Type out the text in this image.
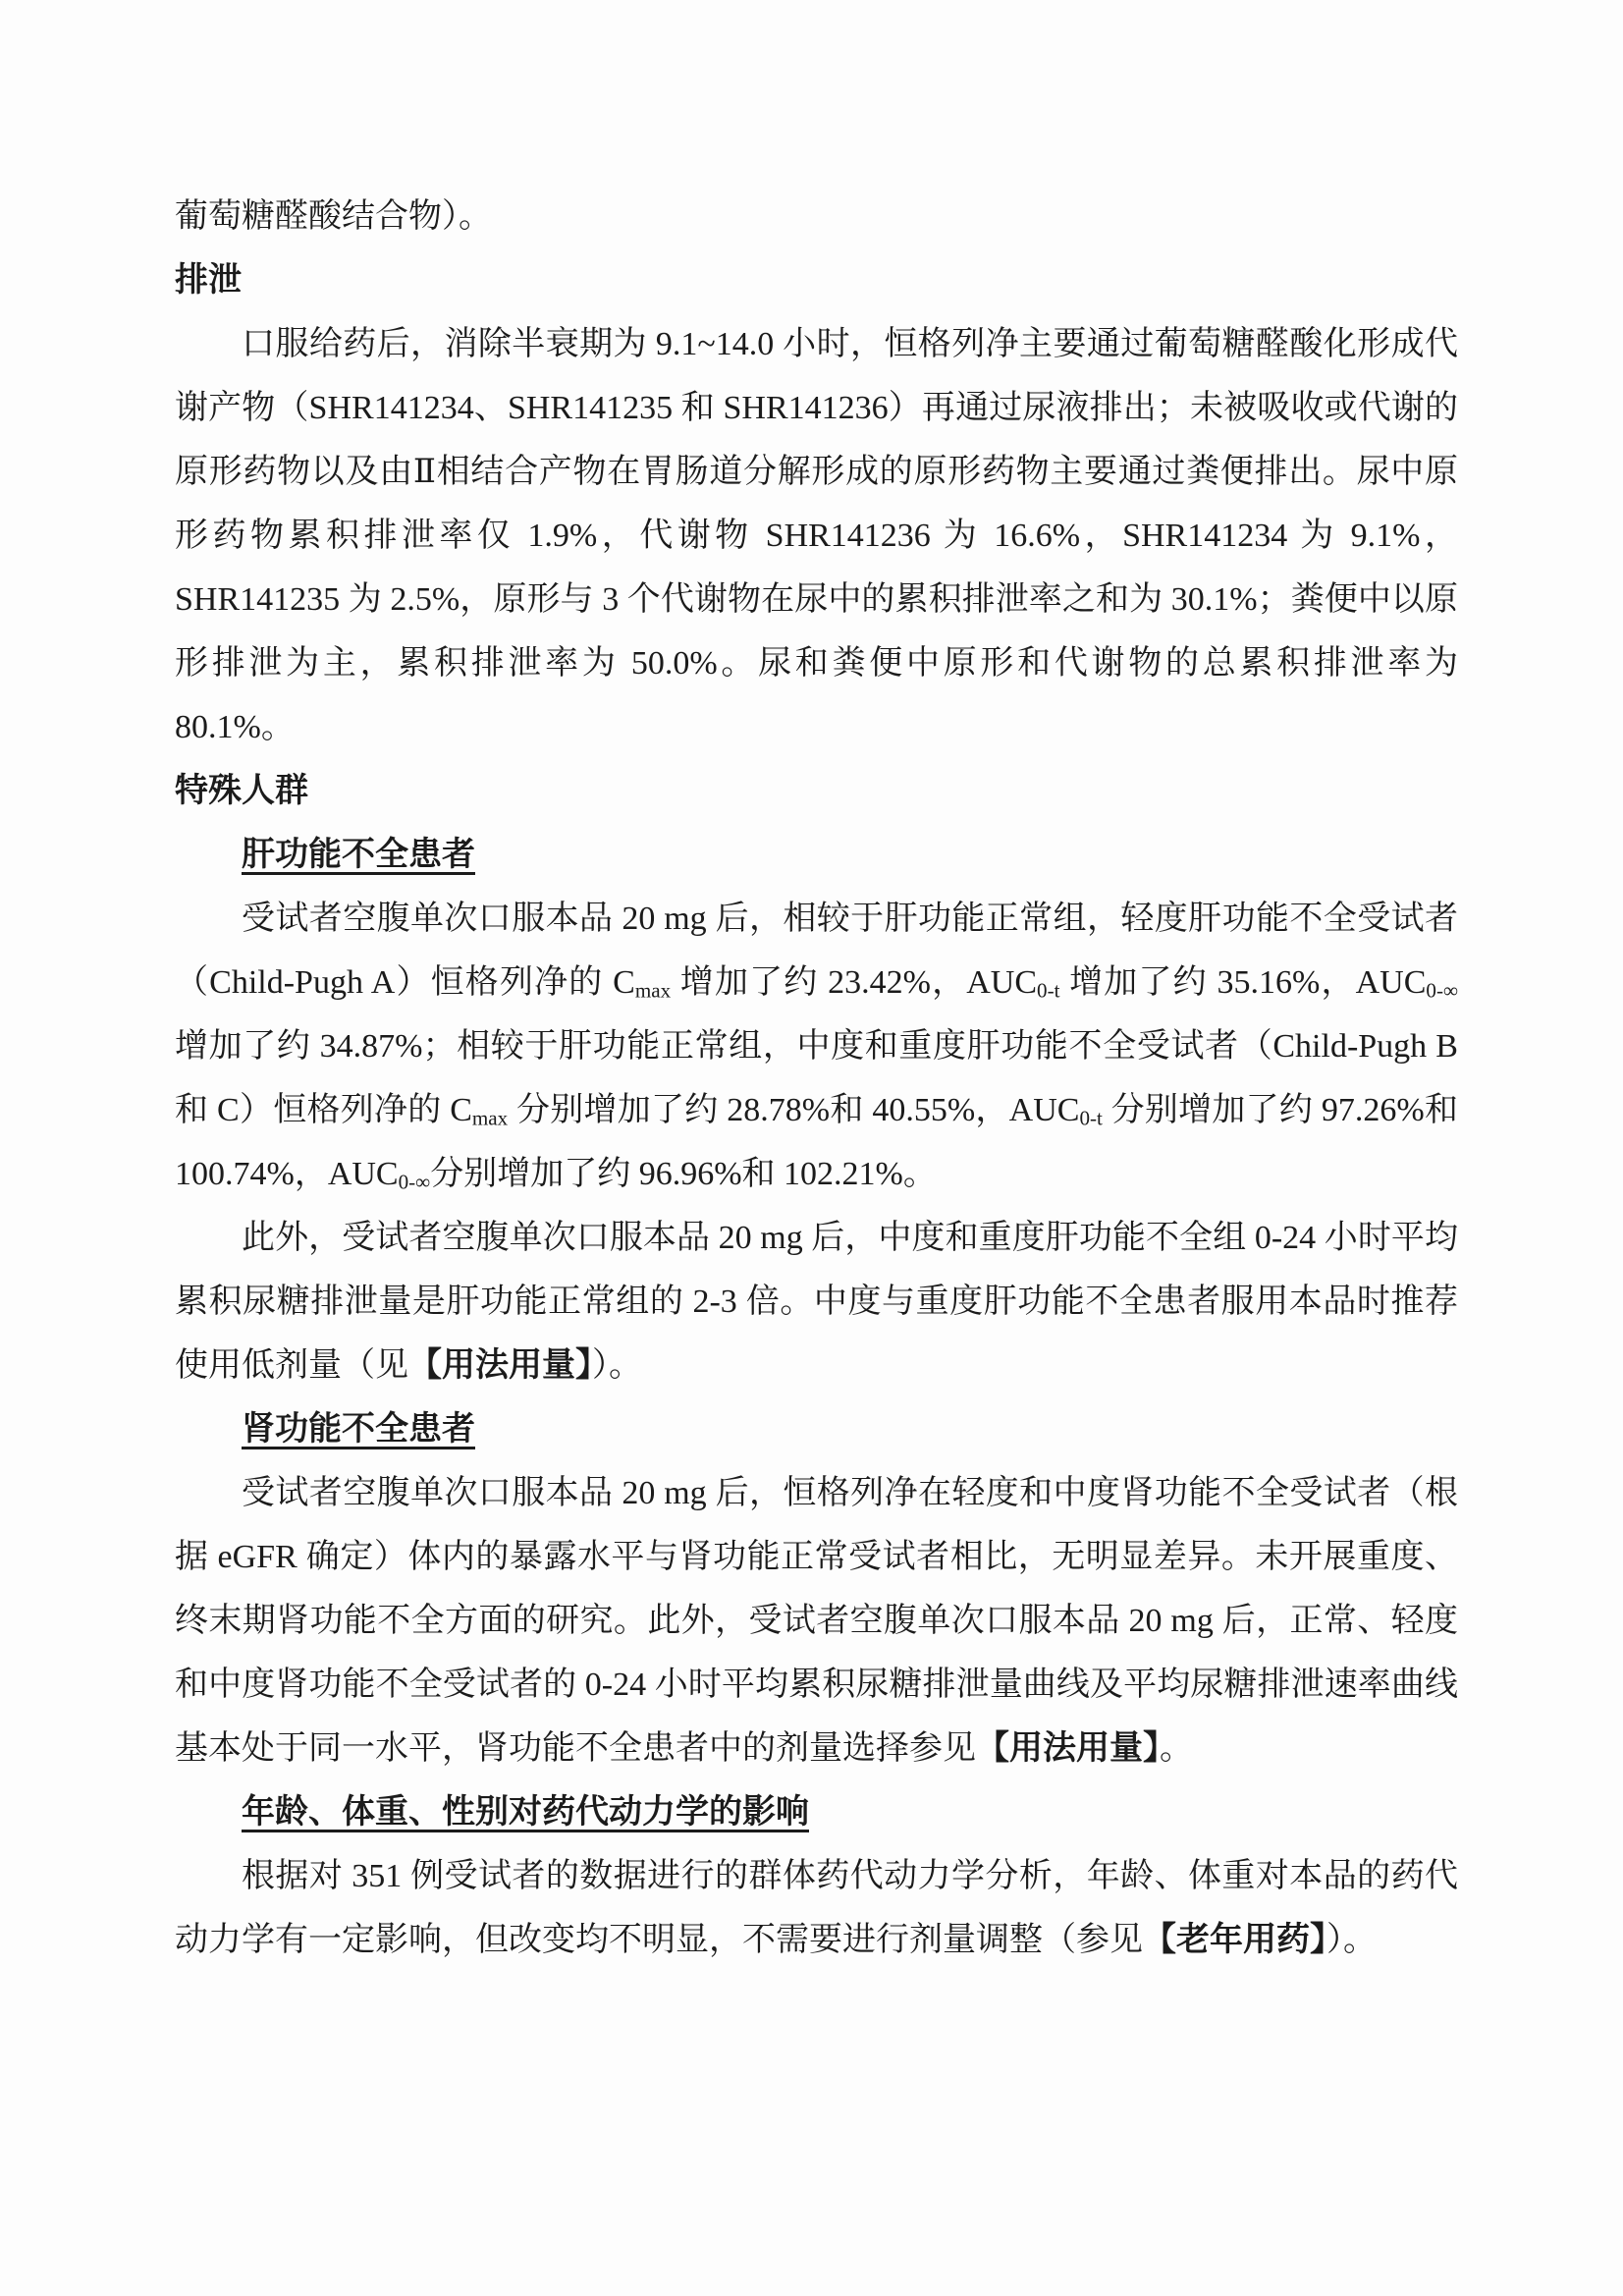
葡萄糖醛酸结合物）。
排泄
口服给药后，消除半衰期为 9.1~14.0 小时，恒格列净主要通过葡萄糖醛酸化形成代谢产物（SHR141234、SHR141235 和 SHR141236）再通过尿液排出；未被吸收或代谢的原形药物以及由Ⅱ相结合产物在胃肠道分解形成的原形药物主要通过粪便排出。尿中原形药物累积排泄率仅 1.9%，代谢物 SHR141236 为 16.6%，SHR141234 为 9.1%，SHR141235 为 2.5%，原形与 3 个代谢物在尿中的累积排泄率之和为 30.1%；粪便中以原形排泄为主，累积排泄率为 50.0%。尿和粪便中原形和代谢物的总累积排泄率为 80.1%。
特殊人群
肝功能不全患者
受试者空腹单次口服本品 20 mg 后，相较于肝功能正常组，轻度肝功能不全受试者（Child-Pugh A）恒格列净的 $C_{max}$ 增加了约 23.42%，$AUC_{0-t}$ 增加了约 35.16%，$AUC_{0-\infty}$增加了约 34.87%；相较于肝功能正常组，中度和重度肝功能不全受试者（Child-Pugh B 和 C）恒格列净的 $C_{max}$ 分别增加了约 28.78%和 40.55%，$AUC_{0-t}$ 分别增加了约 97.26%和 100.74%，$AUC_{0-\infty}$分别增加了约 96.96%和 102.21%。
此外，受试者空腹单次口服本品 20 mg 后，中度和重度肝功能不全组 0-24 小时平均累积尿糖排泄量是肝功能正常组的 2-3 倍。中度与重度肝功能不全患者服用本品时推荐使用低剂量（见【用法用量】）。
肾功能不全患者
受试者空腹单次口服本品 20 mg 后，恒格列净在轻度和中度肾功能不全受试者（根据 eGFR 确定）体内的暴露水平与肾功能正常受试者相比，无明显差异。未开展重度、终末期肾功能不全方面的研究。此外，受试者空腹单次口服本品 20 mg 后，正常、轻度和中度肾功能不全受试者的 0-24 小时平均累积尿糖排泄量曲线及平均尿糖排泄速率曲线基本处于同一水平，肾功能不全患者中的剂量选择参见【用法用量】。
年龄、体重、性别对药代动力学的影响
根据对 351 例受试者的数据进行的群体药代动力学分析，年龄、体重对本品的药代动力学有一定影响，但改变均不明显，不需要进行剂量调整（参见【老年用药】）。
